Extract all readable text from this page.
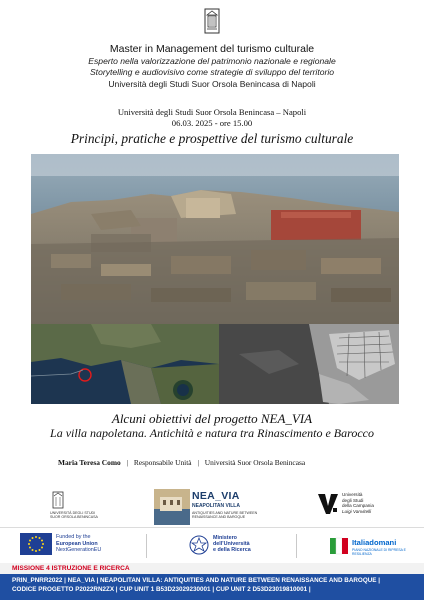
Master in Management del turismo culturale
Esperto nella valorizzazione del patrimonio nazionale e regionale
Storytelling e audiovisivo come strategie di sviluppo del territorio
Università degli Studi Suor Orsola Benincasa di Napoli
Università degli Studi Suor Orsola Benincasa – Napoli
06.03. 2025 - ore 15.00
Principi, pratiche e prospettive del turismo culturale
Alcuni obiettivi del progetto NEA_VIA
La villa napoletana. Antichità e natura tra Rinascimento e Barocco
Maria Teresa Como | Responsabile Unità | Università Suor Orsola Benincasa
UNIVERSITÀ DEGLI STUDI
SUOR ORSOLA BENINCASA
NEA_VIA
NEAPOLITAN VILLA
ANTIQUITIES AND NATURE BETWEEN RENAISSANCE AND BAROQUE
Università
degli Studi
della Campania
Luigi Vanvitelli
Funded by the
European Union
NextGenerationEU
Ministero
dell'Università
e della Ricerca
Italiadomani
PIANO NAZIONALE DI RIPRESA E RESILIENZA
MISSIONE 4 ISTRUZIONE E RICERCA
PRIN_PNRR2022 | NEA_VIA | NEAPOLITAN VILLA: ANTIQUITIES AND NATURE BETWEEN RENAISSANCE AND BAROQUE |
CODICE PROGETTO P2022RN2ZX | CUP UNIT 1 B53D23029230001 | CUP UNIT 2 D53D23019810001 |
